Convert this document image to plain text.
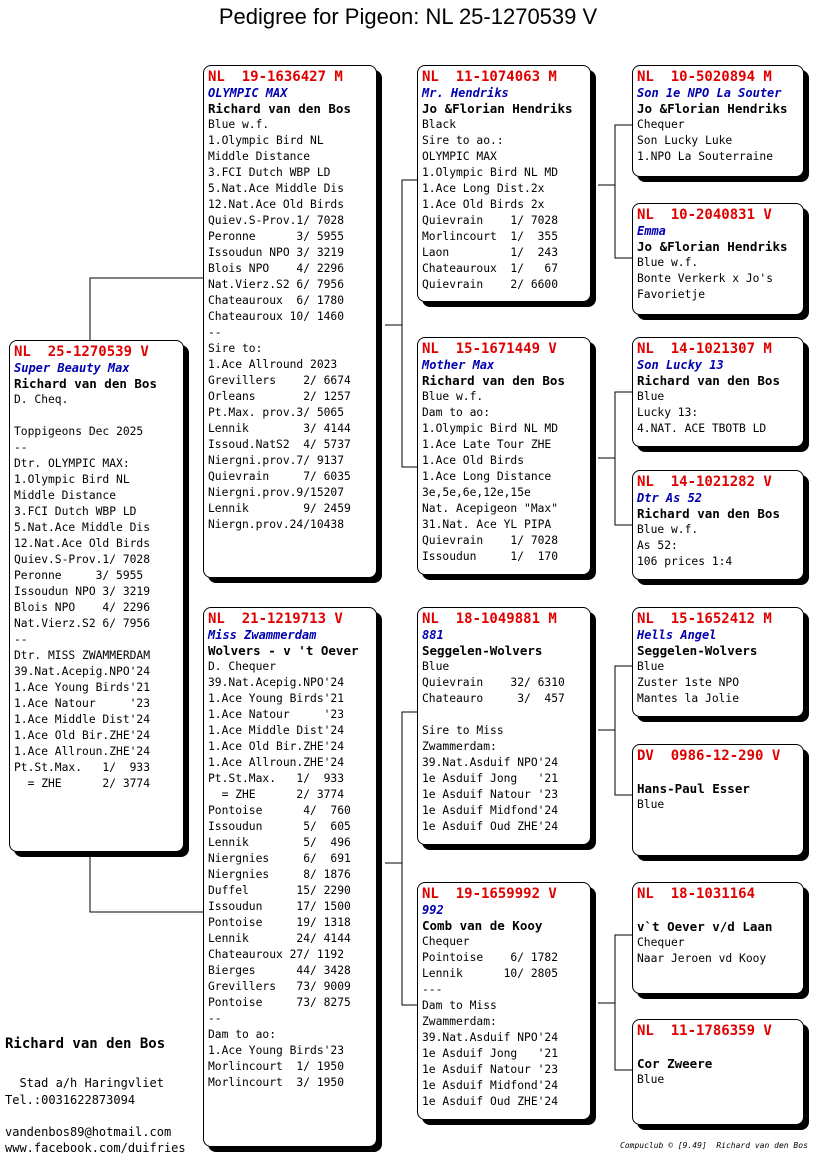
Pedigree for Pigeon: NL 25-1270539 V
NL  25-1270539 V
Super Beauty Max
Richard van den Bos
D. Cheq.

Toppigeons Dec 2025
--
Dtr. OLYMPIC MAX:
1.Olympic Bird NL
Middle Distance
3.FCI Dutch WBP LD
5.Nat.Ace Middle Dis
12.Nat.Ace Old Birds
Quiev.S-Prov.1/ 7028
Peronne     3/ 5955
Issoudun NPO 3/ 3219
Blois NPO    4/ 2296
Nat.Vierz.S2 6/ 7956
--
Dtr. MISS ZWAMMERDAM
39.Nat.Acepig.NPO'24
1.Ace Young Birds'21
1.Ace Natour     '23
1.Ace Middle Dist'24
1.Ace Old Bir.ZHE'24
1.Ace Allroun.ZHE'24
Pt.St.Max.   1/  933
= ZHE      2/ 3774
NL  19-1636427 M
OLYMPIC MAX
Richard van den Bos
Blue w.f.
1.Olympic Bird NL
Middle Distance
3.FCI Dutch WBP LD
5.Nat.Ace Middle Dis
12.Nat.Ace Old Birds
Quiev.S-Prov.1/ 7028
Peronne      3/ 5955
Issoudun NPO 3/ 3219
Blois NPO    4/ 2296
Nat.Vierz.S2 6/ 7956
Chateauroux  6/ 1780
Chateauroux 10/ 1460
--
Sire to:
1.Ace Allround 2023
Grevillers    2/ 6674
Orleans       2/ 1257
Pt.Max. prov.3/ 5065
Lennik        3/ 4144
Issoud.NatS2  4/ 5737
Niergni.prov.7/ 9137
Quievrain     7/ 6035
Niergni.prov.9/15207
Lennik        9/ 2459
Niergn.prov.24/10438
NL  21-1219713 V
Miss Zwammerdam
Wolvers - v 't Oever
D. Chequer
39.Nat.Acepig.NPO'24
1.Ace Young Birds'21
1.Ace Natour     '23
1.Ace Middle Dist'24
1.Ace Old Bir.ZHE'24
1.Ace Allroun.ZHE'24
Pt.St.Max.   1/  933
= ZHE      2/ 3774
Pontoise      4/  760
Issoudun      5/  605
Lennik        5/  496
Niergnies     6/  691
Niergnies     8/ 1876
Duffel       15/ 2290
Issoudun     17/ 1500
Pontoise     19/ 1318
Lennik       24/ 4144
Chateauroux 27/ 1192
Bierges      44/ 3428
Grevillers   73/ 9009
Pontoise     73/ 8275
--
Dam to ao:
1.Ace Young Birds'23
Morlincourt  1/ 1950
Morlincourt  3/ 1950
NL  11-1074063 M
Mr. Hendriks
Jo &Florian Hendriks
Black
Sire to ao.:
OLYMPIC MAX
1.Olympic Bird NL MD
1.Ace Long Dist.2x
1.Ace Old Birds 2x
Quievrain    1/ 7028
Morlincourt  1/  355
Laon         1/  243
Chateauroux  1/   67
Quievrain    2/ 6600
NL  15-1671449 V
Mother Max
Richard van den Bos
Blue w.f.
Dam to ao:
1.Olympic Bird NL MD
1.Ace Late Tour ZHE
1.Ace Old Birds
1.Ace Long Distance
3e,5e,6e,12e,15e
Nat. Acepigeon "Max"
31.Nat. Ace YL PIPA
Quievrain    1/ 7028
Issoudun     1/  170
NL  18-1049881 M
881
Seggelen-Wolvers
Blue
Quievrain    32/ 6310
Chateauro     3/  457

Sire to Miss
Zwammerdam:
39.Nat.Asduif NPO'24
1e Asduif Jong   '21
1e Asduif Natour '23
1e Asduif Midfond'24
1e Asduif Oud ZHE'24
NL  19-1659992 V
992
Comb van de Kooy
Chequer
Pointoise    6/ 1782
Lennik      10/ 2805
---
Dam to Miss
Zwammerdam:
39.Nat.Asduif NPO'24
1e Asduif Jong   '21
1e Asduif Natour '23
1e Asduif Midfond'24
1e Asduif Oud ZHE'24
NL  10-5020894 M
Son 1e NPO La Souter
Jo &Florian Hendriks
Chequer
Son Lucky Luke
1.NPO La Souterraine
NL  10-2040831 V
Emma
Jo &Florian Hendriks
Blue w.f.
Bonte Verkerk x Jo's
Favorietje
NL  14-1021307 M
Son Lucky 13
Richard van den Bos
Blue
Lucky 13:
4.NAT. ACE TBOTB LD
NL  14-1021282 V
Dtr As 52
Richard van den Bos
Blue w.f.
As 52:
106 prices 1:4
NL  15-1652412 M
Hells Angel
Seggelen-Wolvers
Blue
Zuster 1ste NPO
Mantes la Jolie
DV  0986-12-290 V
Hans-Paul Esser
Blue
NL  18-1031164
v`t Oever v/d Laan
Chequer
Naar Jeroen vd Kooy
NL  11-1786359 V
Cor Zweere
Blue
Richard van den Bos
Stad a/h Haringvliet
Tel.:0031622873094
vandenbos89@hotmail.com
www.facebook.com/duifries	Compuclub © [9.49]  Richard van den Bos
